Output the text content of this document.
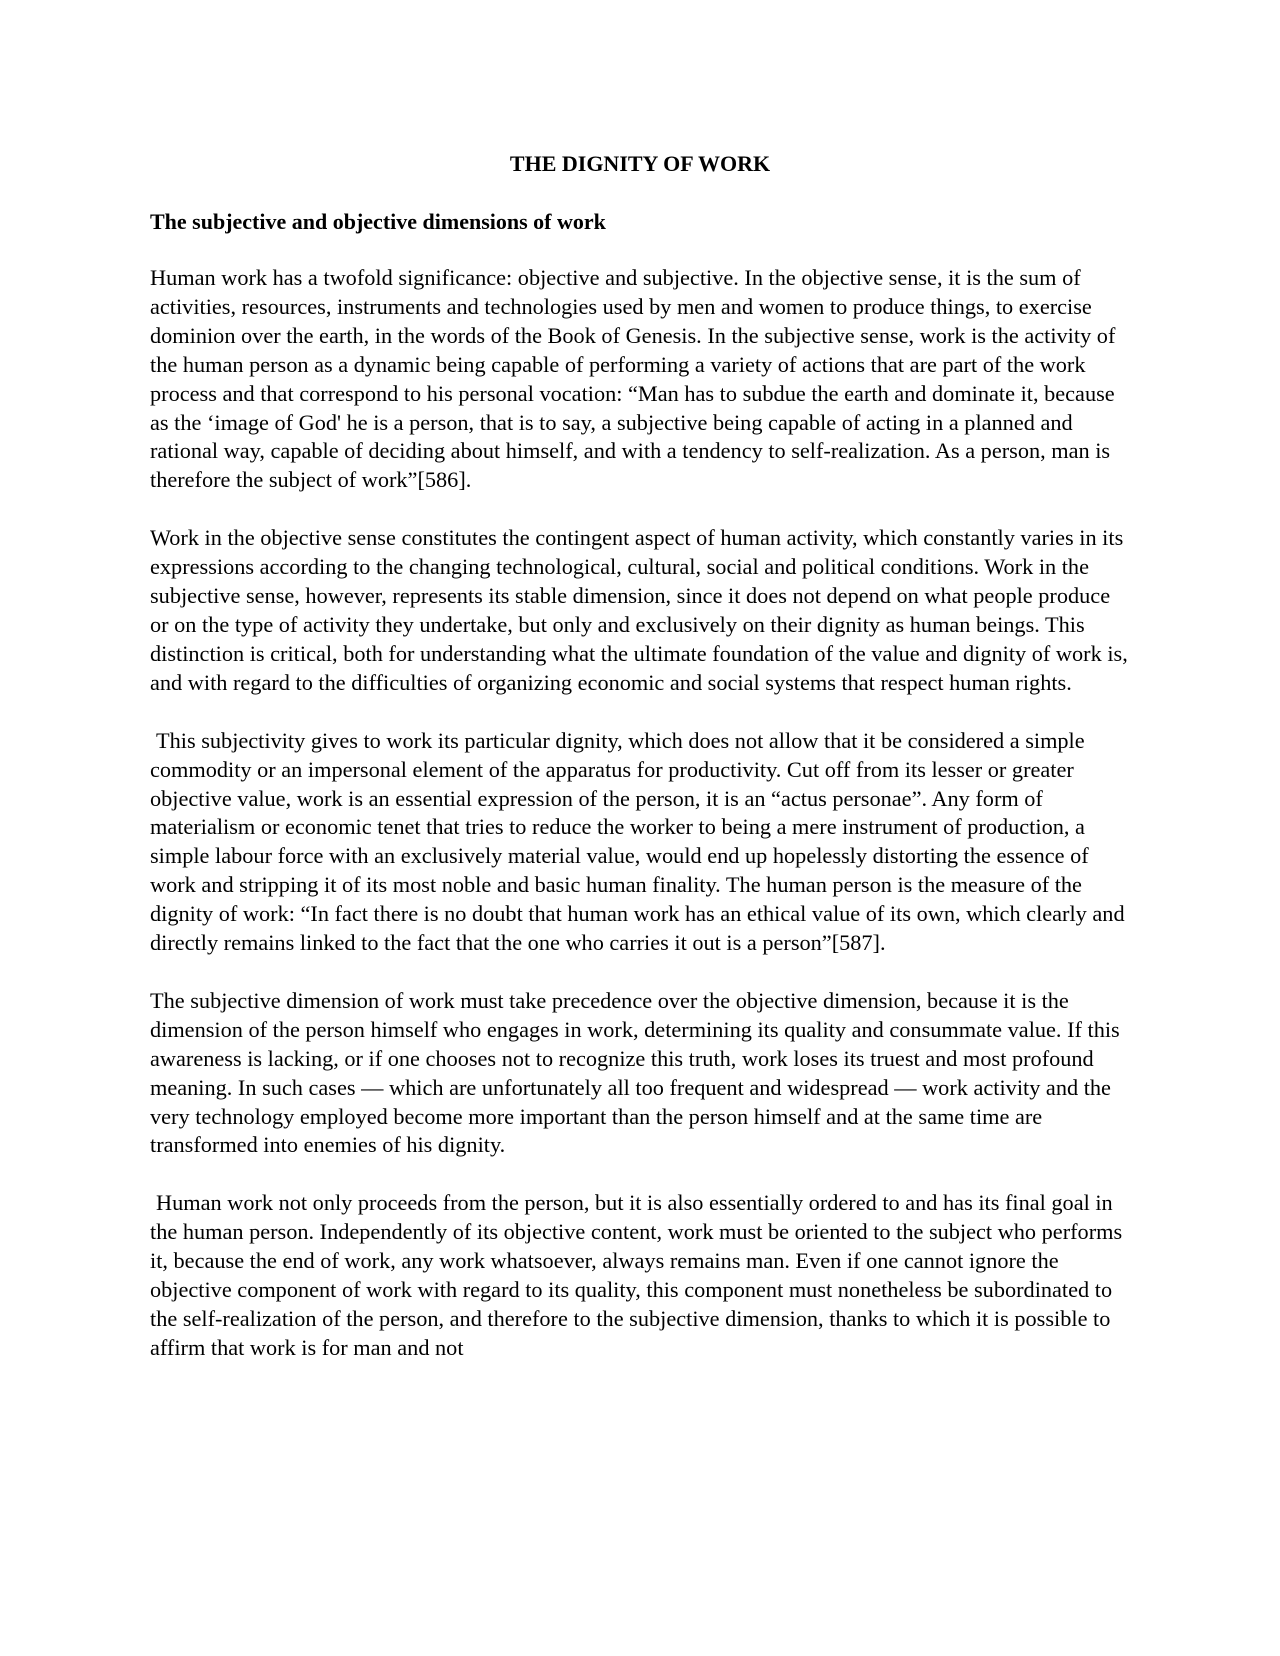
THE DIGNITY OF WORK
The subjective and objective dimensions of work

Human work has a twofold significance: objective and subjective. In the objective sense, it is the sum of activities, resources, instruments and technologies used by men and women to produce things, to exercise dominion over the earth, in the words of the Book of Genesis. In the subjective sense, work is the activity of the human person as a dynamic being capable of performing a variety of actions that are part of the work process and that correspond to his personal vocation: “Man has to subdue the earth and dominate it, because as the ‘image of God' he is a person, that is to say, a subjective being capable of acting in a planned and rational way, capable of deciding about himself, and with a tendency to self-realization. As a person, man is therefore the subject of work”[586].

Work in the objective sense constitutes the contingent aspect of human activity, which constantly varies in its expressions according to the changing technological, cultural, social and political conditions. Work in the subjective sense, however, represents its stable dimension, since it does not depend on what people produce or on the type of activity they undertake, but only and exclusively on their dignity as human beings. This distinction is critical, both for understanding what the ultimate foundation of the value and dignity of work is, and with regard to the difficulties of organizing economic and social systems that respect human rights.

This subjectivity gives to work its particular dignity, which does not allow that it be considered a simple commodity or an impersonal element of the apparatus for productivity. Cut off from its lesser or greater objective value, work is an essential expression of the person, it is an “actus personae”. Any form of materialism or economic tenet that tries to reduce the worker to being a mere instrument of production, a simple labour force with an exclusively material value, would end up hopelessly distorting the essence of work and stripping it of its most noble and basic human finality. The human person is the measure of the dignity of work: “In fact there is no doubt that human work has an ethical value of its own, which clearly and directly remains linked to the fact that the one who carries it out is a person”[587].

The subjective dimension of work must take precedence over the objective dimension, because it is the dimension of the person himself who engages in work, determining its quality and consummate value. If this awareness is lacking, or if one chooses not to recognize this truth, work loses its truest and most profound meaning. In such cases — which are unfortunately all too frequent and widespread — work activity and the very technology employed become more important than the person himself and at the same time are transformed into enemies of his dignity.

Human work not only proceeds from the person, but it is also essentially ordered to and has its final goal in the human person. Independently of its objective content, work must be oriented to the subject who performs it, because the end of work, any work whatsoever, always remains man. Even if one cannot ignore the objective component of work with regard to its quality, this component must nonetheless be subordinated to the self-realization of the person, and therefore to the subjective dimension, thanks to which it is possible to affirm that work is for man and not
